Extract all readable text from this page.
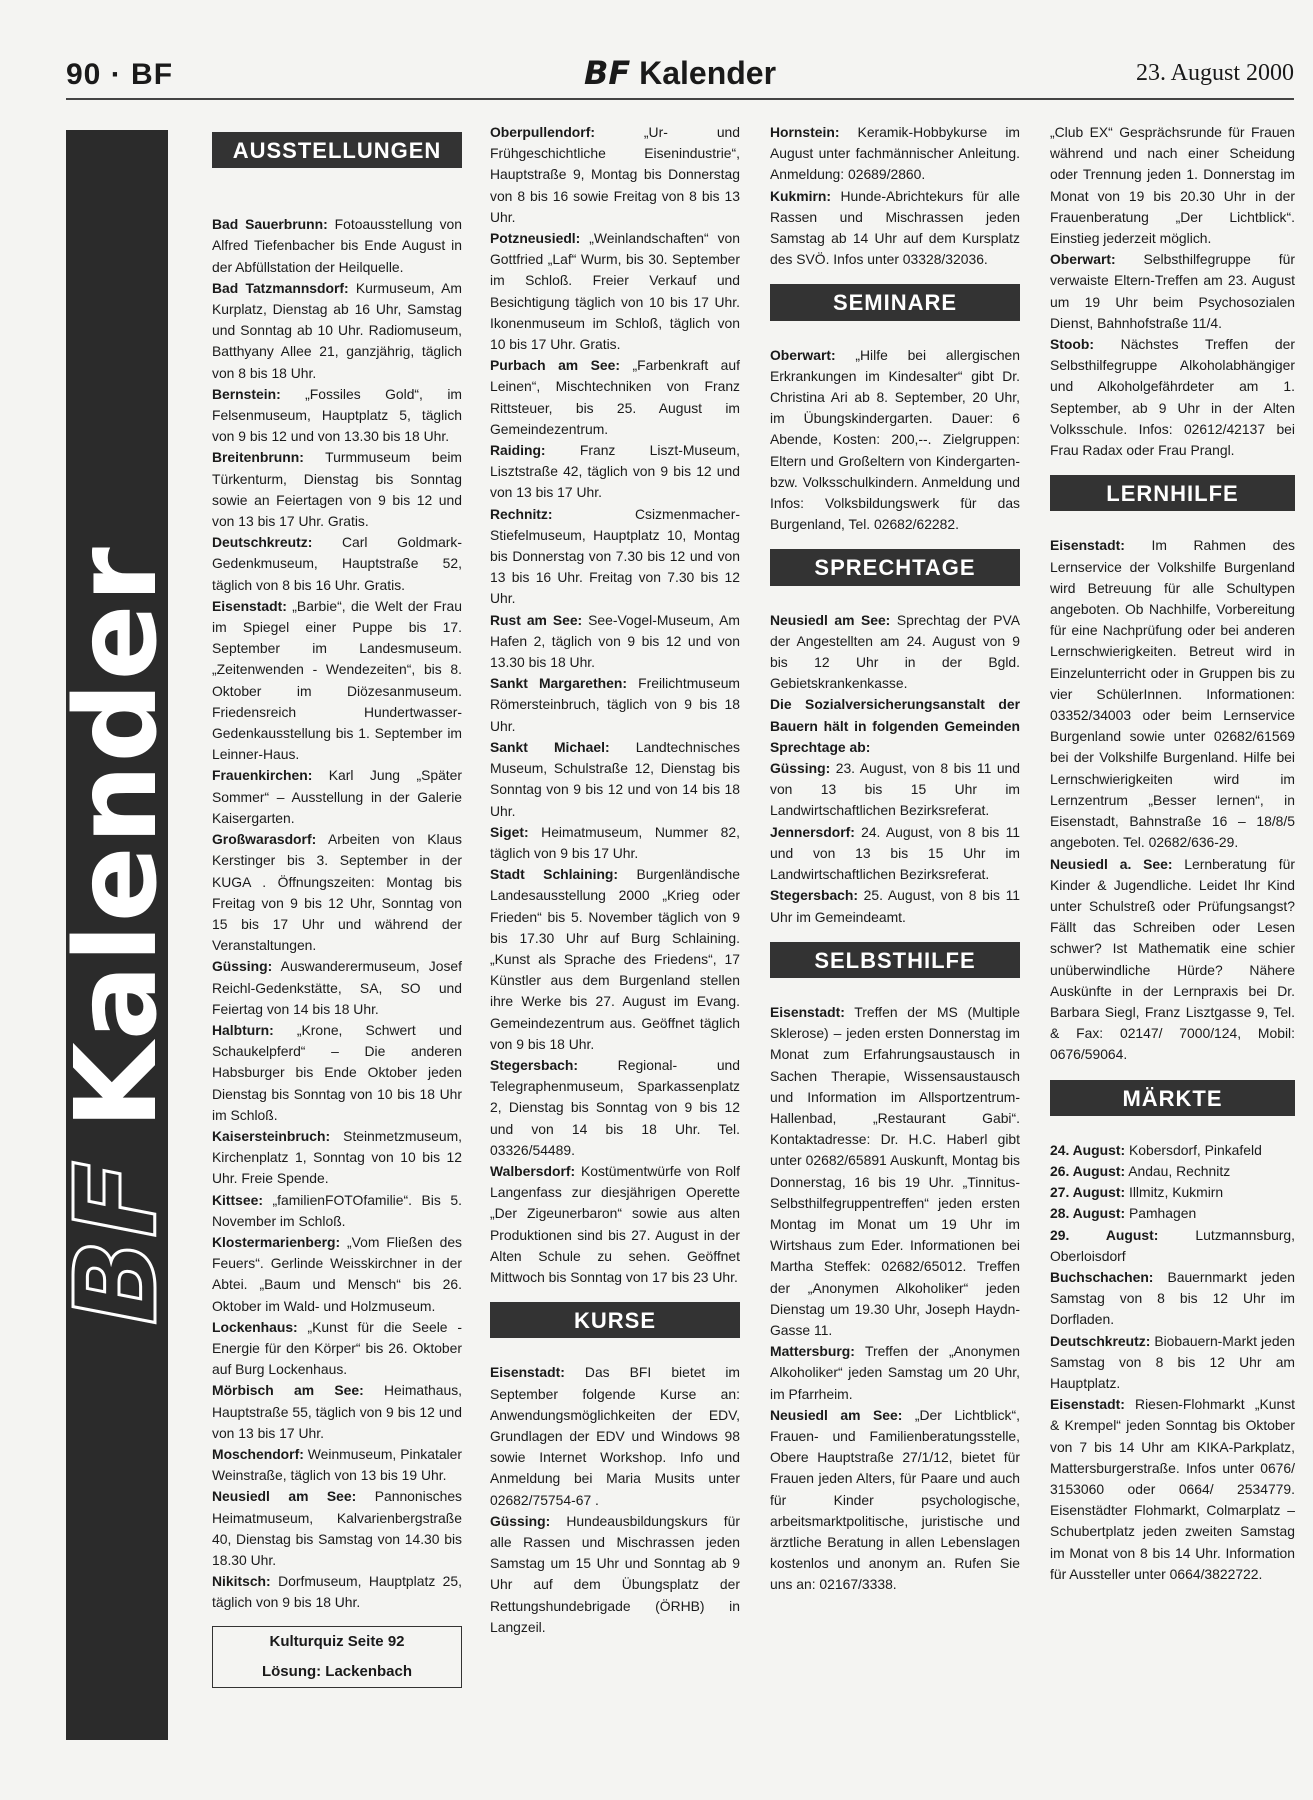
90 · BF	BF Kalender	23. August 2000
BFKalender
AUSSTELLUNGEN

Bad Sauerbrunn: Fotoausstellung von Alfred Tiefenbacher bis Ende August in der Abfüllstation der Heilquelle.

Bad Tatzmannsdorf: Kurmuseum, Am Kurplatz, Dienstag ab 16 Uhr, Samstag und Sonntag ab 10 Uhr. Radiomuseum, Batthyany Allee 21, ganzjährig, täglich von 8 bis 18 Uhr.

Bernstein: „Fossiles Gold“, im Felsenmuseum, Hauptplatz 5, täglich von 9 bis 12 und von 13.30 bis 18 Uhr.

Breitenbrunn: Turmmuseum beim Türkenturm, Dienstag bis Sonntag sowie an Feiertagen von 9 bis 12 und von 13 bis 17 Uhr. Gratis.

Deutschkreutz: Carl Goldmark-Gedenkmuseum, Hauptstraße 52, täglich von 8 bis 16 Uhr. Gratis.

Eisenstadt: „Barbie“, die Welt der Frau im Spiegel einer Puppe bis 17. September im Landesmuseum. „Zeitenwenden - Wendezeiten“, bis 8. Oktober im Diözesanmuseum. Friedensreich Hundertwasser-Gedenkausstellung bis 1. September im Leinner-Haus.

Frauenkirchen: Karl Jung „Später Sommer“ – Ausstellung in der Galerie Kaisergarten.

Großwarasdorf: Arbeiten von Klaus Kerstinger bis 3. September in der KUGA . Öffnungszeiten: Montag bis Freitag von 9 bis 12 Uhr, Sonntag von 15 bis 17 Uhr und während der Veranstaltungen.

Güssing: Auswanderermuseum, Josef Reichl-Gedenkstätte, SA, SO und Feiertag von 14 bis 18 Uhr.

Halbturn: „Krone, Schwert und Schaukelpferd“ – Die anderen Habsburger bis Ende Oktober jeden Dienstag bis Sonntag von 10 bis 18 Uhr im Schloß.

Kaisersteinbruch: Steinmetzmuseum, Kirchenplatz 1, Sonntag von 10 bis 12 Uhr. Freie Spende.

Kittsee: „familienFOTOfamilie“. Bis 5. November im Schloß.

Klostermarienberg: „Vom Fließen des Feuers“. Gerlinde Weisskirchner in der Abtei. „Baum und Mensch“ bis 26. Oktober im Wald- und Holzmuseum.

Lockenhaus: „Kunst für die Seele - Energie für den Körper“ bis 26. Oktober auf Burg Lockenhaus.

Mörbisch am See: Heimathaus, Hauptstraße 55, täglich von 9 bis 12 und von 13 bis 17 Uhr.

Moschendorf: Weinmuseum, Pinkataler Weinstraße, täglich von 13 bis 19 Uhr.

Neusiedl am See: Pannonisches Heimatmuseum, Kalvarienbergstraße 40, Dienstag bis Samstag von 14.30 bis 18.30 Uhr.

Nikitsch: Dorfmuseum, Hauptplatz 25, täglich von 9 bis 18 Uhr.

Kulturquiz Seite 92
Lösung: Lackenbach

Oberpullendorf: „Ur- und Frühgeschichtliche Eisenindustrie“, Hauptstraße 9, Montag bis Donnerstag von 8 bis 16 sowie Freitag von 8 bis 13 Uhr.

Potzneusiedl: „Weinlandschaften“ von Gottfried „Laf“ Wurm, bis 30. September im Schloß. Freier Verkauf und Besichtigung täglich von 10 bis 17 Uhr. Ikonenmuseum im Schloß, täglich von 10 bis 17 Uhr. Gratis.

Purbach am See: „Farbenkraft auf Leinen“, Mischtechniken von Franz Rittsteuer, bis 25. August im Gemeindezentrum.

Raiding: Franz Liszt-Museum, Lisztstraße 42, täglich von 9 bis 12 und von 13 bis 17 Uhr.

Rechnitz: Csizmenmacher-Stiefelmuseum, Hauptplatz 10, Montag bis Donnerstag von 7.30 bis 12 und von 13 bis 16 Uhr. Freitag von 7.30 bis 12 Uhr.

Rust am See: See-Vogel-Museum, Am Hafen 2, täglich von 9 bis 12 und von 13.30 bis 18 Uhr.

Sankt Margarethen: Freilichtmuseum Römersteinbruch, täglich von 9 bis 18 Uhr.

Sankt Michael: Landtechnisches Museum, Schulstraße 12, Dienstag bis Sonntag von 9 bis 12 und von 14 bis 18 Uhr.

Siget: Heimatmuseum, Nummer 82, täglich von 9 bis 17 Uhr.

Stadt Schlaining: Burgenländische Landesausstellung 2000 „Krieg oder Frieden“ bis 5. November täglich von 9 bis 17.30 Uhr auf Burg Schlaining. „Kunst als Sprache des Friedens“, 17 Künstler aus dem Burgenland stellen ihre Werke bis 27. August im Evang. Gemeindezentrum aus. Geöffnet täglich von 9 bis 18 Uhr.

Stegersbach: Regional- und Telegraphenmuseum, Sparkassenplatz 2, Dienstag bis Sonntag von 9 bis 12 und von 14 bis 18 Uhr. Tel. 03326/54489.

Walbersdorf: Kostümentwürfe von Rolf Langenfass zur diesjährigen Operette „Der Zigeunerbaron“ sowie aus alten Produktionen sind bis 27. August in der Alten Schule zu sehen. Geöffnet Mittwoch bis Sonntag von 17 bis 23 Uhr.

KURSE

Eisenstadt: Das BFI bietet im September folgende Kurse an: Anwendungsmöglichkeiten der EDV, Grundlagen der EDV und Windows 98 sowie Internet Workshop. Info und Anmeldung bei Maria Musits unter 02682/75754-67 .

Güssing: Hundeausbildungskurs für alle Rassen und Mischrassen jeden Samstag um 15 Uhr und Sonntag ab 9 Uhr auf dem Übungsplatz der Rettungshundebrigade (ÖRHB) in Langzeil.

Hornstein: Keramik-Hobbykurse im August unter fachmännischer Anleitung. Anmeldung: 02689/2860.

Kukmirn: Hunde-Abrichtekurs für alle Rassen und Mischrassen jeden Samstag ab 14 Uhr auf dem Kursplatz des SVÖ. Infos unter 03328/32036.

SEMINARE

Oberwart: „Hilfe bei allergischen Erkrankungen im Kindesalter“ gibt Dr. Christina Ari ab 8. September, 20 Uhr, im Übungskindergarten. Dauer: 6 Abende, Kosten: 200,--. Zielgruppen: Eltern und Großeltern von Kindergarten- bzw. Volksschulkindern. Anmeldung und Infos: Volksbildungswerk für das Burgenland, Tel. 02682/62282.

SPRECHTAGE

Neusiedl am See: Sprechtag der PVA der Angestellten am 24. August von 9 bis 12 Uhr in der Bgld. Gebietskrankenkasse.

Die Sozialversicherungsanstalt der Bauern hält in folgenden Gemeinden Sprechtage ab:

Güssing: 23. August, von 8 bis 11 und von 13 bis 15 Uhr im Landwirtschaftlichen Bezirksreferat.

Jennersdorf: 24. August, von 8 bis 11 und von 13 bis 15 Uhr im Landwirtschaftlichen Bezirksreferat.

Stegersbach: 25. August, von 8 bis 11 Uhr im Gemeindeamt.

SELBSTHILFE

Eisenstadt: Treffen der MS (Multiple Sklerose) – jeden ersten Donnerstag im Monat zum Erfahrungsaustausch in Sachen Therapie, Wissensaustausch und Information im Allsportzentrum- Hallenbad, „Restaurant Gabi“. Kontaktadresse: Dr. H.C. Haberl gibt unter 02682/65891 Auskunft, Montag bis Donnerstag, 16 bis 19 Uhr. „Tinnitus-Selbsthilfegruppentreffen“ jeden ersten Montag im Monat um 19 Uhr im Wirtshaus zum Eder. Informationen bei Martha Steffek: 02682/65012. Treffen der „Anonymen Alkoholiker“ jeden Dienstag um 19.30 Uhr, Joseph Haydn-Gasse 11.

Mattersburg: Treffen der „Anonymen Alkoholiker“ jeden Samstag um 20 Uhr, im Pfarrheim.

Neusiedl am See: „Der Lichtblick“, Frauen- und Familienberatungsstelle, Obere Hauptstraße 27/1/12, bietet für Frauen jeden Alters, für Paare und auch für Kinder psychologische, arbeitsmarktpolitische, juristische und ärztliche Beratung in allen Lebenslagen kostenlos und anonym an. Rufen Sie uns an: 02167/3338.

„Club EX“ Gesprächsrunde für Frauen während und nach einer Scheidung oder Trennung jeden 1. Donnerstag im Monat von 19 bis 20.30 Uhr in der Frauenberatung „Der Lichtblick“. Einstieg jederzeit möglich.

Oberwart: Selbsthilfegruppe für verwaiste Eltern-Treffen am 23. August um 19 Uhr beim Psychosozialen Dienst, Bahnhofstraße 11/4.

Stoob: Nächstes Treffen der Selbsthilfegruppe Alkoholabhängiger und Alkoholgefährdeter am 1. September, ab 9 Uhr in der Alten Volksschule. Infos: 02612/42137 bei Frau Radax oder Frau Prangl.

LERNHILFE

Eisenstadt: Im Rahmen des Lernservice der Volkshilfe Burgenland wird Betreuung für alle Schultypen angeboten. Ob Nachhilfe, Vorbereitung für eine Nachprüfung oder bei anderen Lernschwierigkeiten. Betreut wird in Einzelunterricht oder in Gruppen bis zu vier SchülerInnen. Informationen: 03352/34003 oder beim Lernservice Burgenland sowie unter 02682/61569 bei der Volkshilfe Burgenland. Hilfe bei Lernschwierigkeiten wird im Lernzentrum „Besser lernen“, in Eisenstadt, Bahnstraße 16 – 18/8/5 angeboten. Tel. 02682/636-29.

Neusiedl a. See: Lernberatung für Kinder & Jugendliche. Leidet Ihr Kind unter Schulstreß oder Prüfungsangst? Fällt das Schreiben oder Lesen schwer? Ist Mathematik eine schier unüberwindliche Hürde? Nähere Auskünfte in der Lernpraxis bei Dr. Barbara Siegl, Franz Lisztgasse 9, Tel. & Fax: 02147/ 7000/124, Mobil: 0676/59064.

MÄRKTE

24. August: Kobersdorf, Pinkafeld

26. August: Andau, Rechnitz

27. August: Illmitz, Kukmirn

28. August: Pamhagen

29. August: Lutzmannsburg, Oberloisdorf

Buchschachen: Bauernmarkt jeden Samstag von 8 bis 12 Uhr im Dorfladen.

Deutschkreutz: Biobauern-Markt jeden Samstag von 8 bis 12 Uhr am Hauptplatz.

Eisenstadt: Riesen-Flohmarkt „Kunst & Krempel“ jeden Sonntag bis Oktober von 7 bis 14 Uhr am KIKA-Parkplatz, Mattersburgerstraße. Infos unter 0676/ 3153060 oder 0664/ 2534779. Eisenstädter Flohmarkt, Colmarplatz – Schubertplatz jeden zweiten Samstag im Monat von 8 bis 14 Uhr. Information für Aussteller unter 0664/3822722.
